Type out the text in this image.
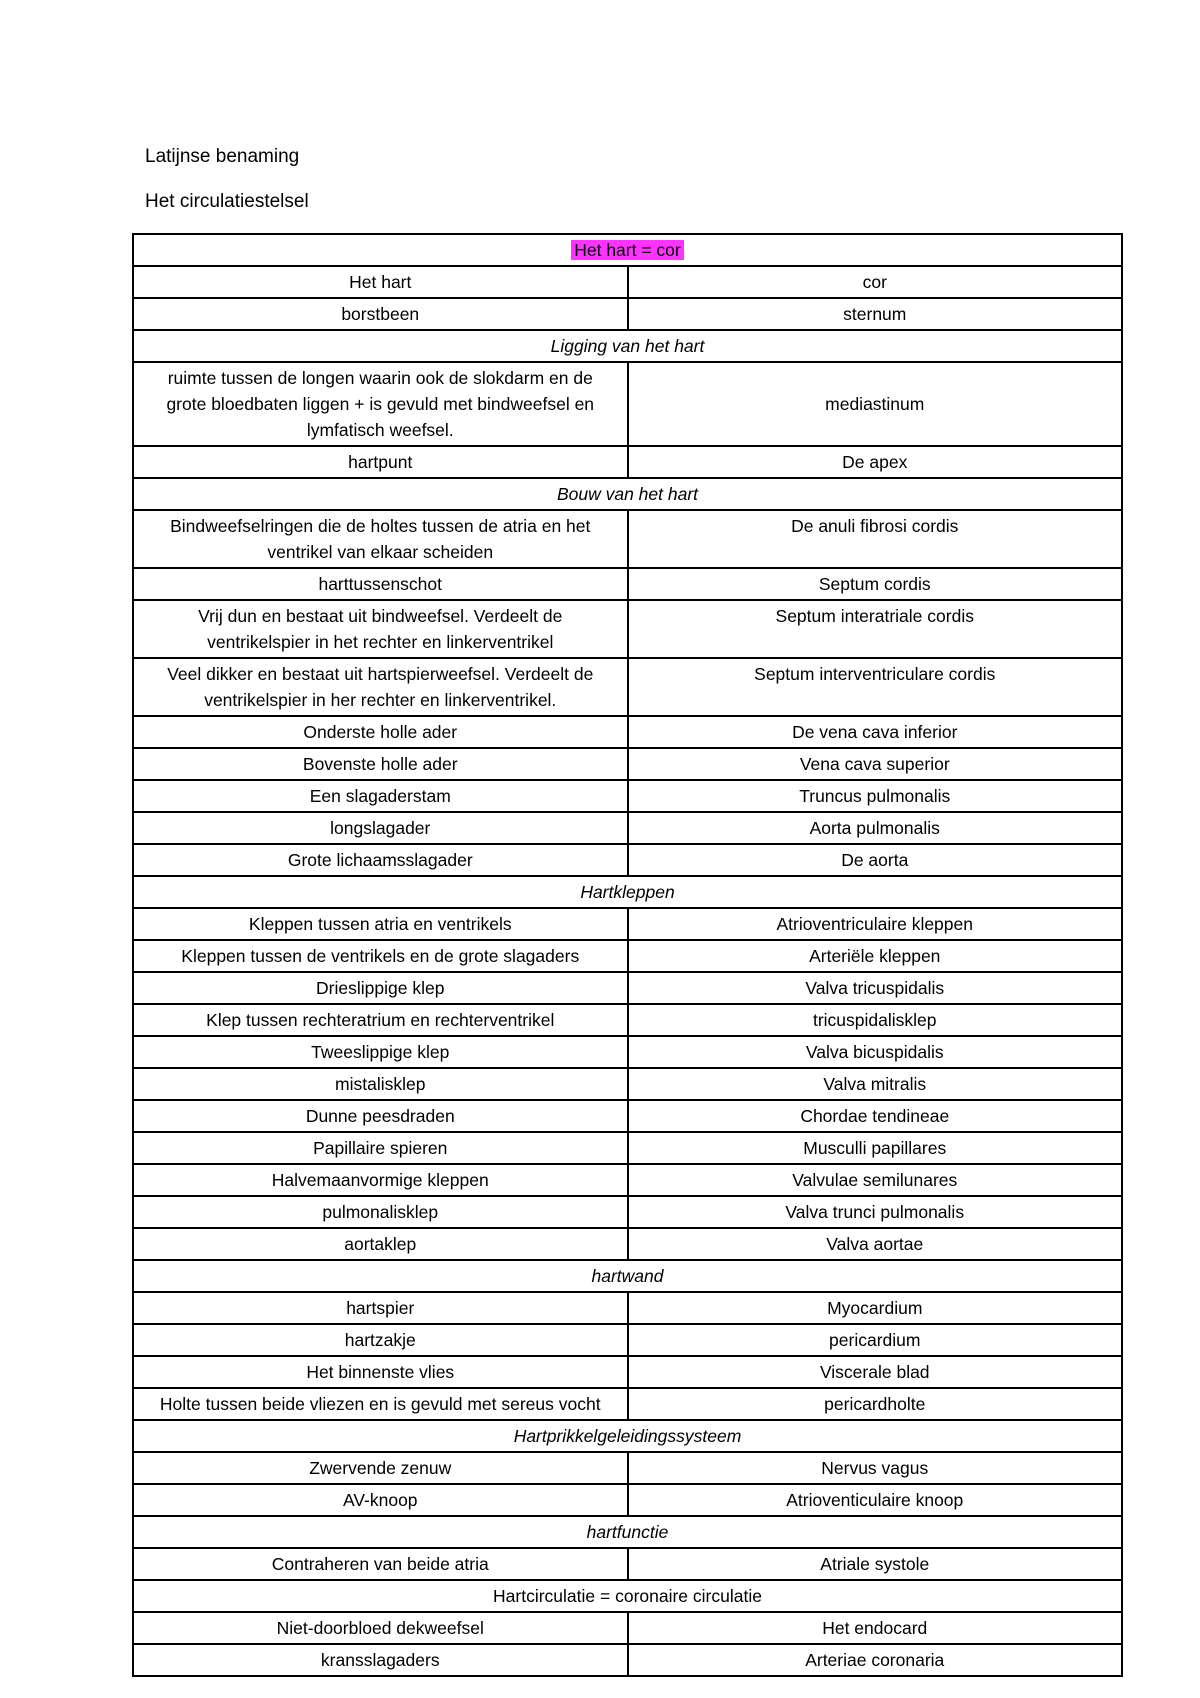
Latijnse benaming
Het circulatiestelsel
Het hart = cor	
Het hart	cor
borstbeen	sternum
Ligging van het hart	
ruimte tussen de longen waarin ook de slokdarm en de grote bloedbaten liggen + is gevuld met bindweefsel en lymfatisch weefsel.	mediastinum
hartpunt	De apex
Bouw van het hart	
Bindweefselringen die de holtes tussen de atria en het ventrikel van elkaar scheiden	De anuli fibrosi cordis
harttussenschot	Septum cordis
Vrij dun en bestaat uit bindweefsel. Verdeelt de ventrikelspier in het rechter en linkerventrikel	Septum interatriale cordis
Veel dikker en bestaat uit hartspierweefsel. Verdeelt de ventrikelspier in her rechter en linkerventrikel.	Septum interventriculare cordis
Onderste holle ader	De vena cava inferior
Bovenste holle ader	Vena cava superior
Een slagaderstam	Truncus pulmonalis
longslagader	Aorta pulmonalis
Grote lichaamsslagader	De aorta
Hartkleppen	
Kleppen tussen atria en ventrikels	Atrioventriculaire kleppen
Kleppen tussen de ventrikels en de grote slagaders	Arteriële kleppen
Drieslippige klep	Valva tricuspidalis
Klep tussen rechteratrium en rechterventrikel	tricuspidalisklep
Tweeslippige klep	Valva bicuspidalis
mistalisklep	Valva mitralis
Dunne peesdraden	Chordae tendineae
Papillaire spieren	Musculli papillares
Halvemaanvormige kleppen	Valvulae semilunares
pulmonalisklep	Valva trunci pulmonalis
aortaklep	Valva aortae
hartwand	
hartspier	Myocardium
hartzakje	pericardium
Het binnenste vlies	Viscerale blad
Holte tussen beide vliezen en is gevuld met sereus vocht	pericardholte
Hartprikkelgeleidingssysteem	
Zwervende zenuw	Nervus vagus
AV-knoop	Atrioventiculaire knoop
hartfunctie	
Contraheren van beide atria	Atriale systole
Hartcirculatie = coronaire circulatie	
Niet-doorbloed dekweefsel	Het endocard
kransslagaders	Arteriae coronaria
